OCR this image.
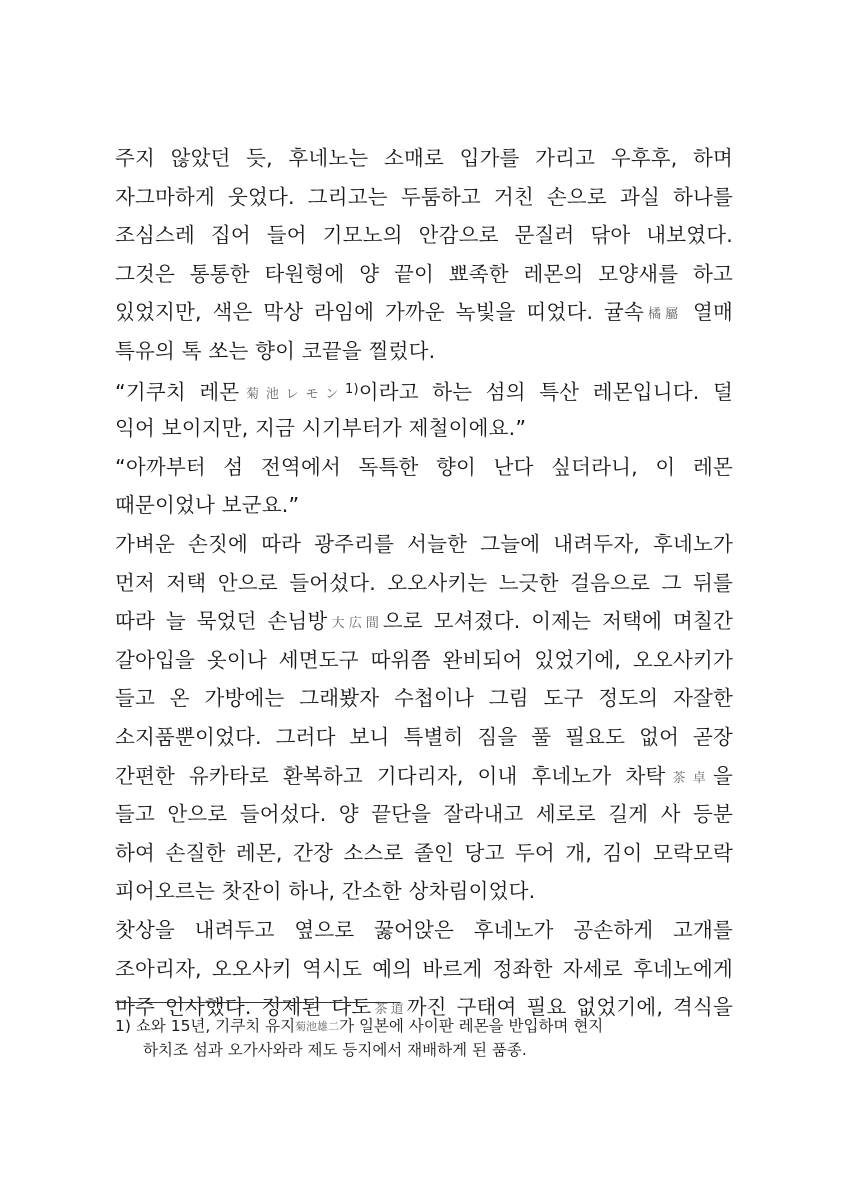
주지 않았던 듯, 후네노는 소매로 입가를 가리고 우후후, 하며
자그마하게 웃었다. 그리고는 두툼하고 거친 손으로 과실 하나를
조심스레 집어 들어 기모노의 안감으로 문질러 닦아 내보였다.
그것은 통통한 타원형에 양 끝이 뾰족한 레몬의 모양새를 하고
있었지만, 색은 막상 라임에 가까운 녹빛을 띠었다. 귤속橘屬 열매
특유의 톡 쏘는 향이 코끝을 찔렀다.
“기쿠치 레몬菊池レモン$^{1)}$이라고 하는 섬의 특산 레몬입니다. 덜
익어 보이지만, 지금 시기부터가 제철이에요.”
“아까부터 섬 전역에서 독특한 향이 난다 싶더라니, 이 레몬
때문이었나 보군요.”
가벼운 손짓에 따라 광주리를 서늘한 그늘에 내려두자, 후네노가
먼저 저택 안으로 들어섰다. 오오사키는 느긋한 걸음으로 그 뒤를
따라 늘 묵었던 손님방大広間으로 모셔졌다. 이제는 저택에 며칠간
갈아입을 옷이나 세면도구 따위쯤 완비되어 있었기에, 오오사키가
들고 온 가방에는 그래봤자 수첩이나 그림 도구 정도의 자잘한
소지품뿐이었다. 그러다 보니 특별히 짐을 풀 필요도 없어 곧장
간편한 유카타로 환복하고 기다리자, 이내 후네노가 차탁茶卓을
들고 안으로 들어섰다. 양 끝단을 잘라내고 세로로 길게 사 등분
하여 손질한 레몬, 간장 소스로 졸인 당고 두어 개, 김이 모락모락
피어오르는 찻잔이 하나, 간소한 상차림이었다.
찻상을 내려두고 옆으로 꿇어앉은 후네노가 공손하게 고개를
조아리자, 오오사키 역시도 예의 바르게 정좌한 자세로 후네노에게
마주 인사했다. 정제된 다도茶道까진 구태여 필요 없었기에, 격식을
1) 쇼와 15년, 기쿠치 유지菊池雄二가 일본에 사이판 레몬을 반입하며 현지
하치조 섬과 오가사와라 제도 등지에서 재배하게 된 품종.
